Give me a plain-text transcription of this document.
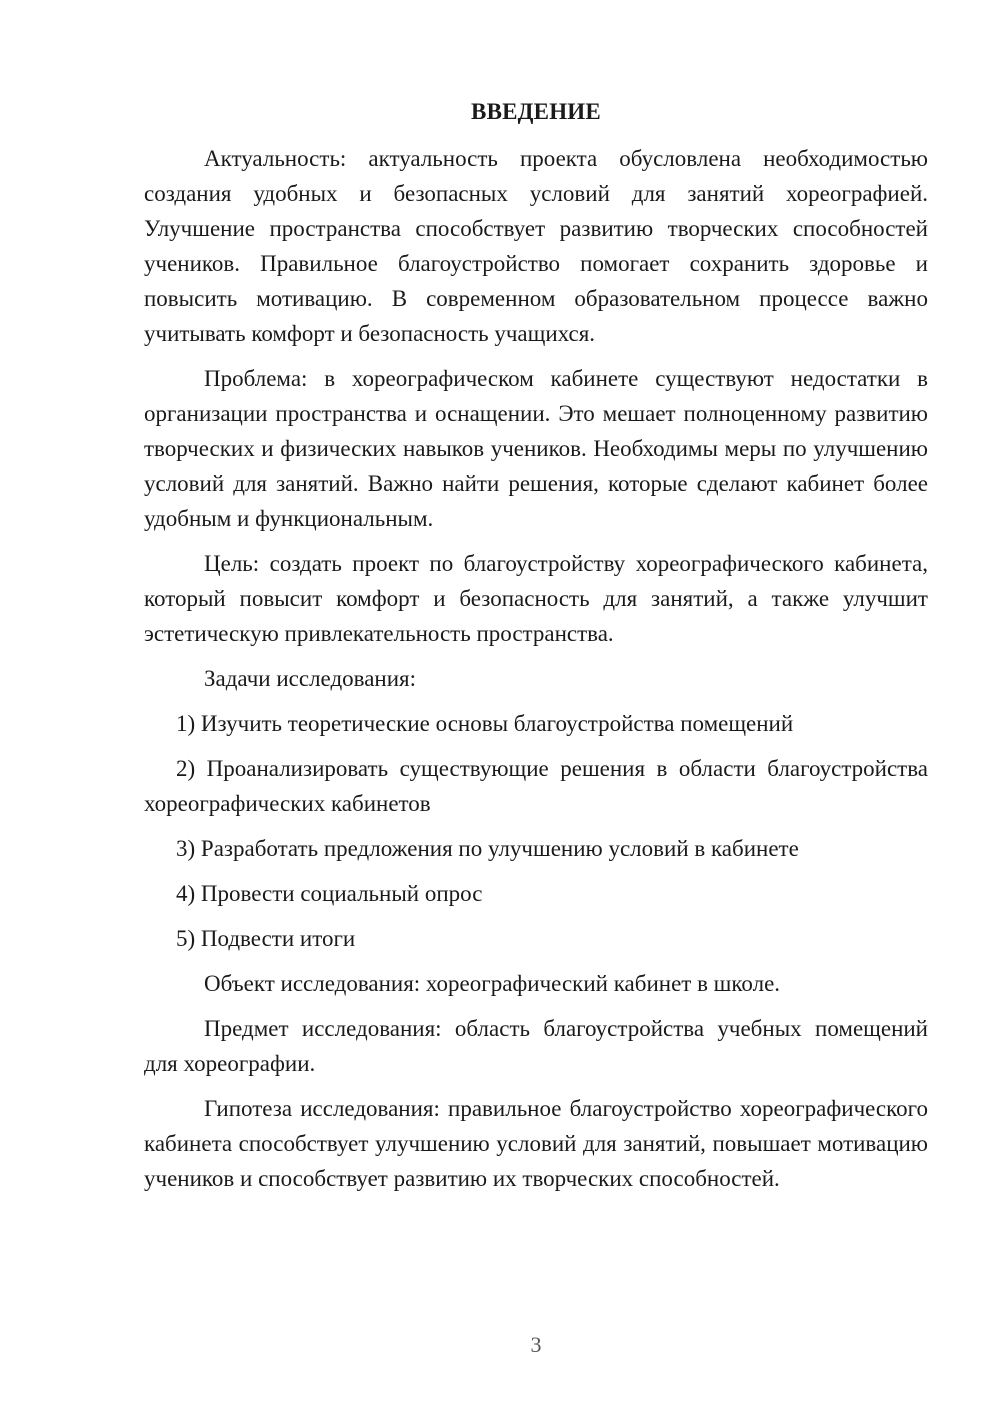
ВВЕДЕНИЕ

Актуальность: актуальность проекта обусловлена необходимостью создания удобных и безопасных условий для занятий хореографией. Улучшение пространства способствует развитию творческих способностей учеников. Правильное благоустройство помогает сохранить здоровье и повысить мотивацию. В современном образовательном процессе важно учитывать комфорт и безопасность учащихся.

Проблема: в хореографическом кабинете существуют недостатки в организации пространства и оснащении. Это мешает полноценному развитию творческих и физических навыков учеников. Необходимы меры по улучшению условий для занятий. Важно найти решения, которые сделают кабинет более удобным и функциональным.

Цель: создать проект по благоустройству хореографического кабинета, который повысит комфорт и безопасность для занятий, а также улучшит эстетическую привлекательность пространства.

Задачи исследования:

1) Изучить теоретические основы благоустройства помещений

2) Проанализировать существующие решения в области благоустройства хореографических кабинетов

3) Разработать предложения по улучшению условий в кабинете

4) Провести социальный опрос

5) Подвести итоги

Объект исследования: хореографический кабинет в школе.

Предмет исследования: область благоустройства учебных помещений для хореографии.

Гипотеза исследования: правильное благоустройство хореографического кабинета способствует улучшению условий для занятий, повышает мотивацию учеников и способствует развитию их творческих способностей.

3
